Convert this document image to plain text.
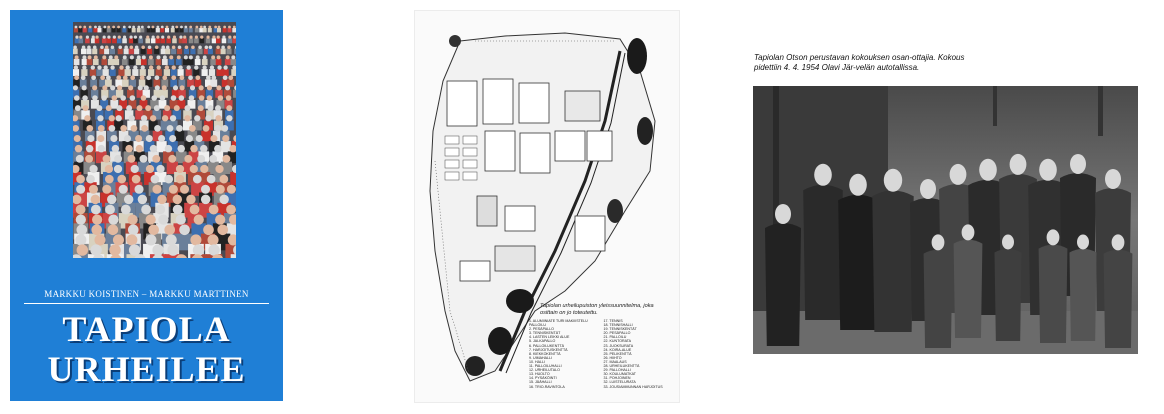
MARKKU KOISTINEN – MARKKU MARTTINEN
TAPIOLA
URHEILEE
Tapiolan urheilupuiston yleissuunnitelma, joka osittain on jo toteutettu.
1. ALUMIINIATE TURI MAKIIISTELU PALLOILU
2. PESÄPALLO
3. TENNISKENTÄT
4. LASTEN LEIKKI ALUE
5. JALKAPALLO
6. PALLOILUKENTTÄ
7. HARJOITUSKENTTÄ
8. KIEKKOKENTTÄ
9. UIMAHALLI
10. HALLI
11. PALLOILUHALLI
12. URHEILUTALO
13. HUOLTO
14. PYSÄKÖINTI
15. JÄÄHALLI
16. TRIO-RAVINTOLA
17. TENNIS
18. TENNISHALLI
19. TENNISKENTÄT
20. PESÄPALLO
21. PALLOILU
22. KUNTORATA
23. JUOKSURATA
24. KOIRA-ALUE
25. PELIKENTTÄ
26. HIIHTO
27. MAALAUS
28. URHEILUKENTTÄ
29. PALLOHALLI
30. KOULUMATKAT
31. POHJOINEN
32. LUISTELURATA
33. JOUSIAMMUNNAN HARJOITUS
Tapiolan Otson perustavan kokouksen osan-ottajia. Kokous pidettiin 4. 4. 1954 Olavi Jär-velän autotallissa.
